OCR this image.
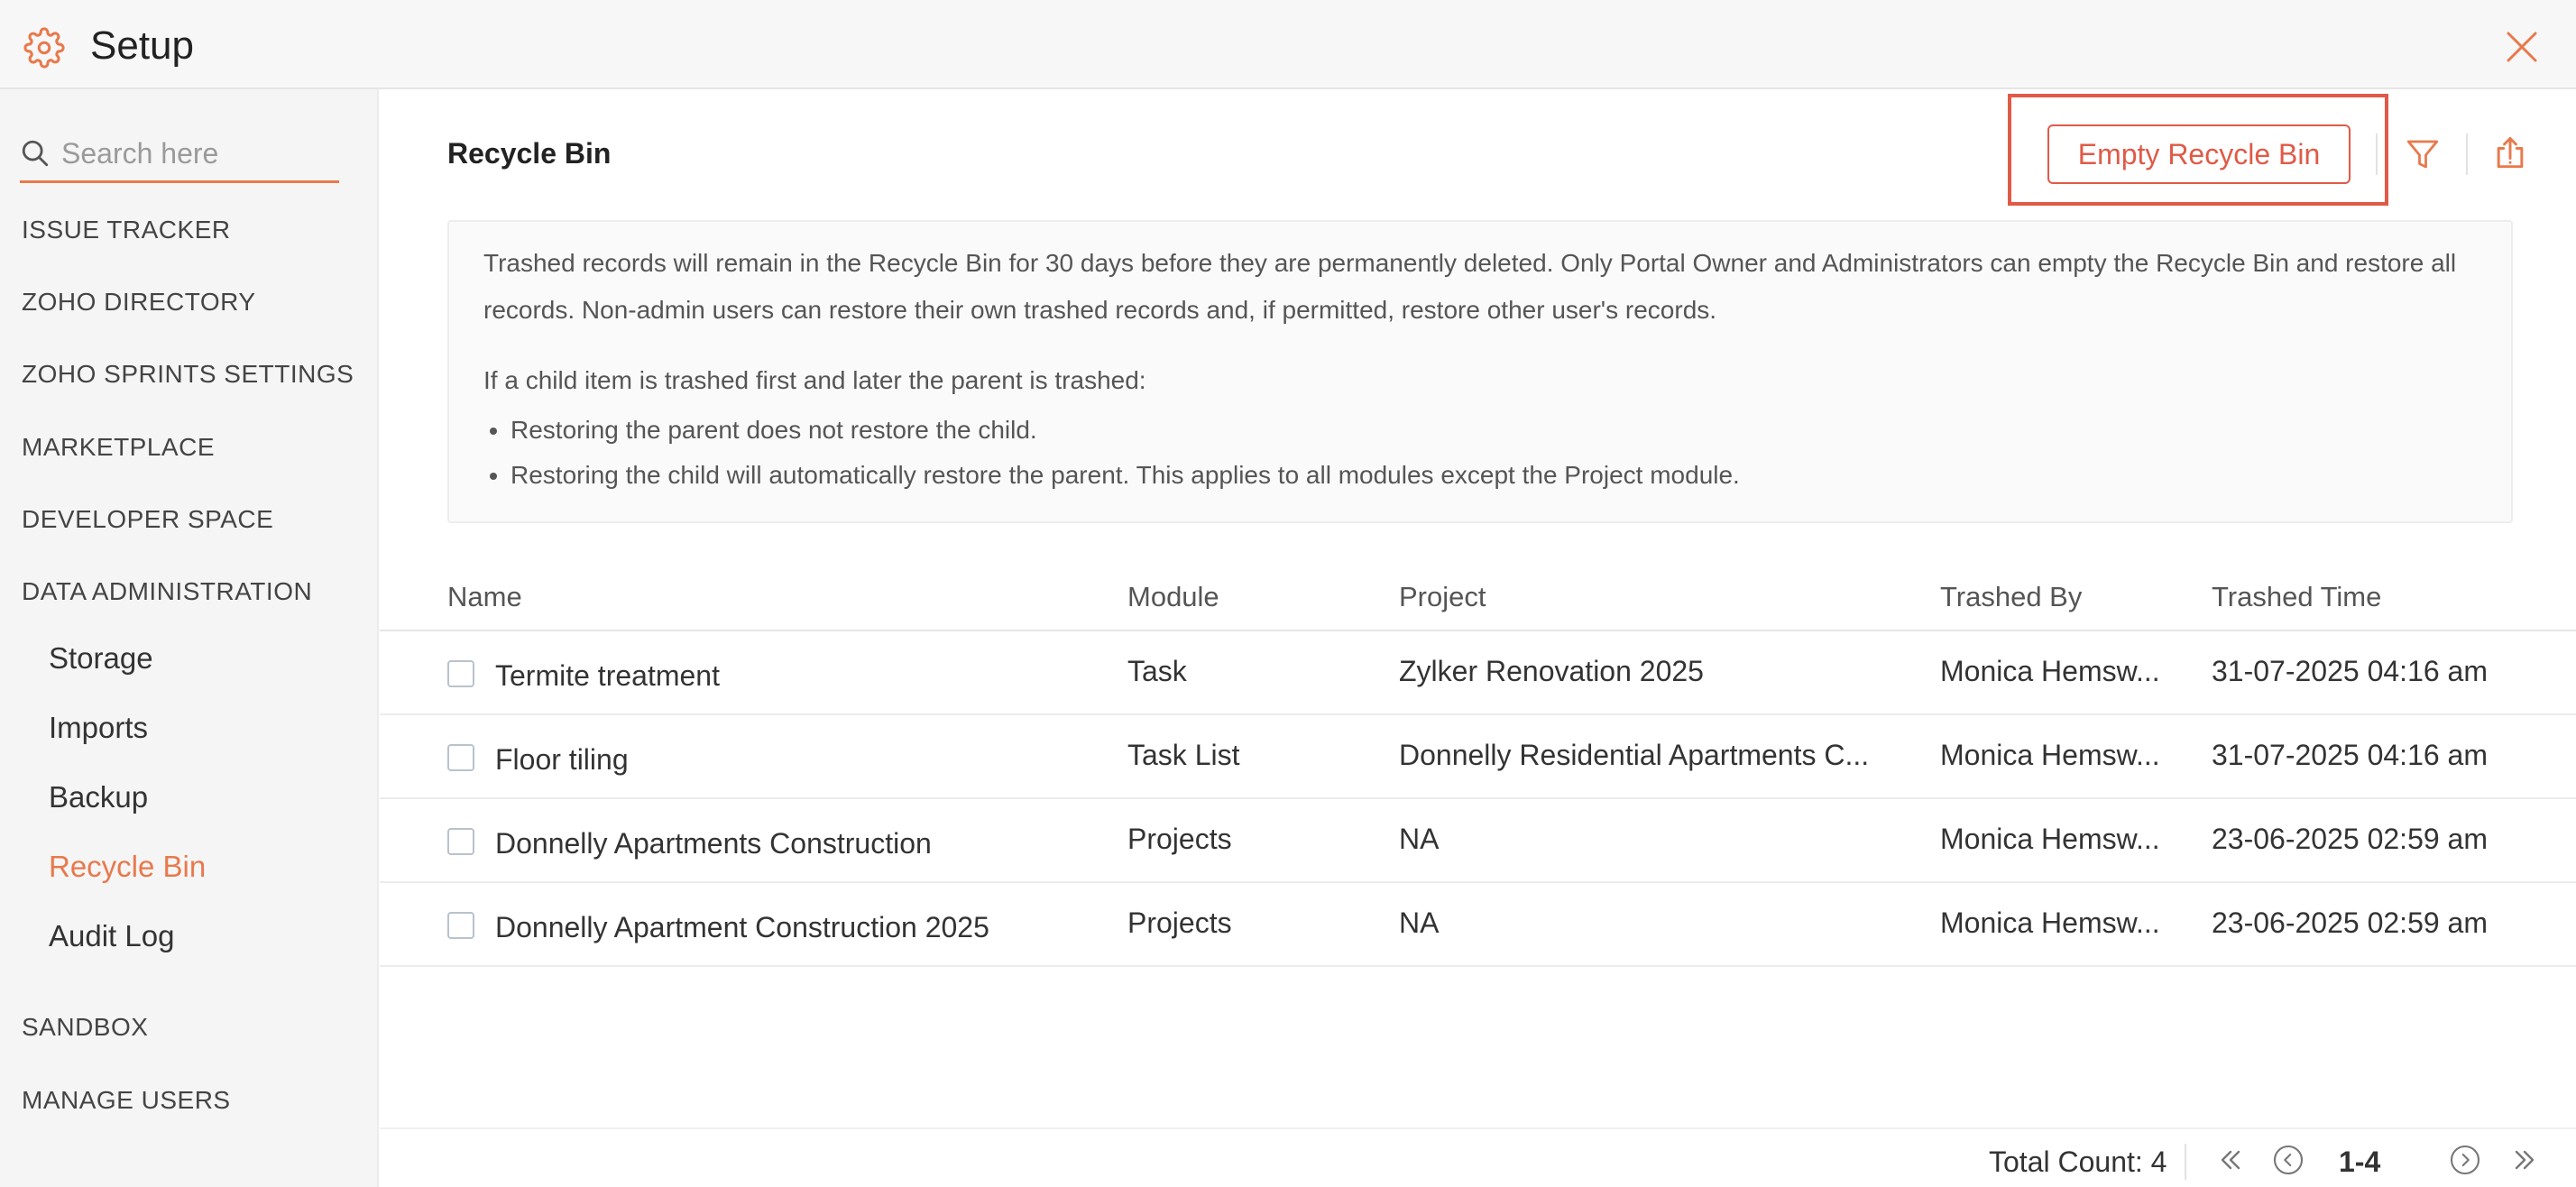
Setup
Search here
ISSUE TRACKER
ZOHO DIRECTORY
ZOHO SPRINTS SETTINGS
MARKETPLACE
DEVELOPER SPACE
DATA ADMINISTRATION
Storage
Imports
Backup
Recycle Bin
Audit Log
SANDBOX
MANAGE USERS
Recycle Bin	Empty Recycle Bin

Trashed records will remain in the Recycle Bin for 30 days before they are permanently deleted. Only Portal Owner and Administrators can empty the Recycle Bin and restore all records. Non-admin users can restore their own trashed records and, if permitted, restore other user's records.

If a child item is trashed first and later the parent is trashed:

• Restoring the parent does not restore the child.
• Restoring the child will automatically restore the parent. This applies to all modules except the Project module.
Name	Module	Project	Trashed By	Trashed Time
Termite treatment	Task	Zylker Renovation 2025	Monica Hemsw... 31-07-2025 04:16 am
Floor tiling	Task List	Donnelly Residential Apartments C... Monica Hemsw... 31-07-2025 04:16 am
Donnelly Apartments Construction	Projects	NA	Monica Hemsw... 23-06-2025 02:59 am
Donnelly Apartment Construction 2025	Projects	NA	Monica Hemsw... 23-06-2025 02:59 am
Total Count: 4	1-4
